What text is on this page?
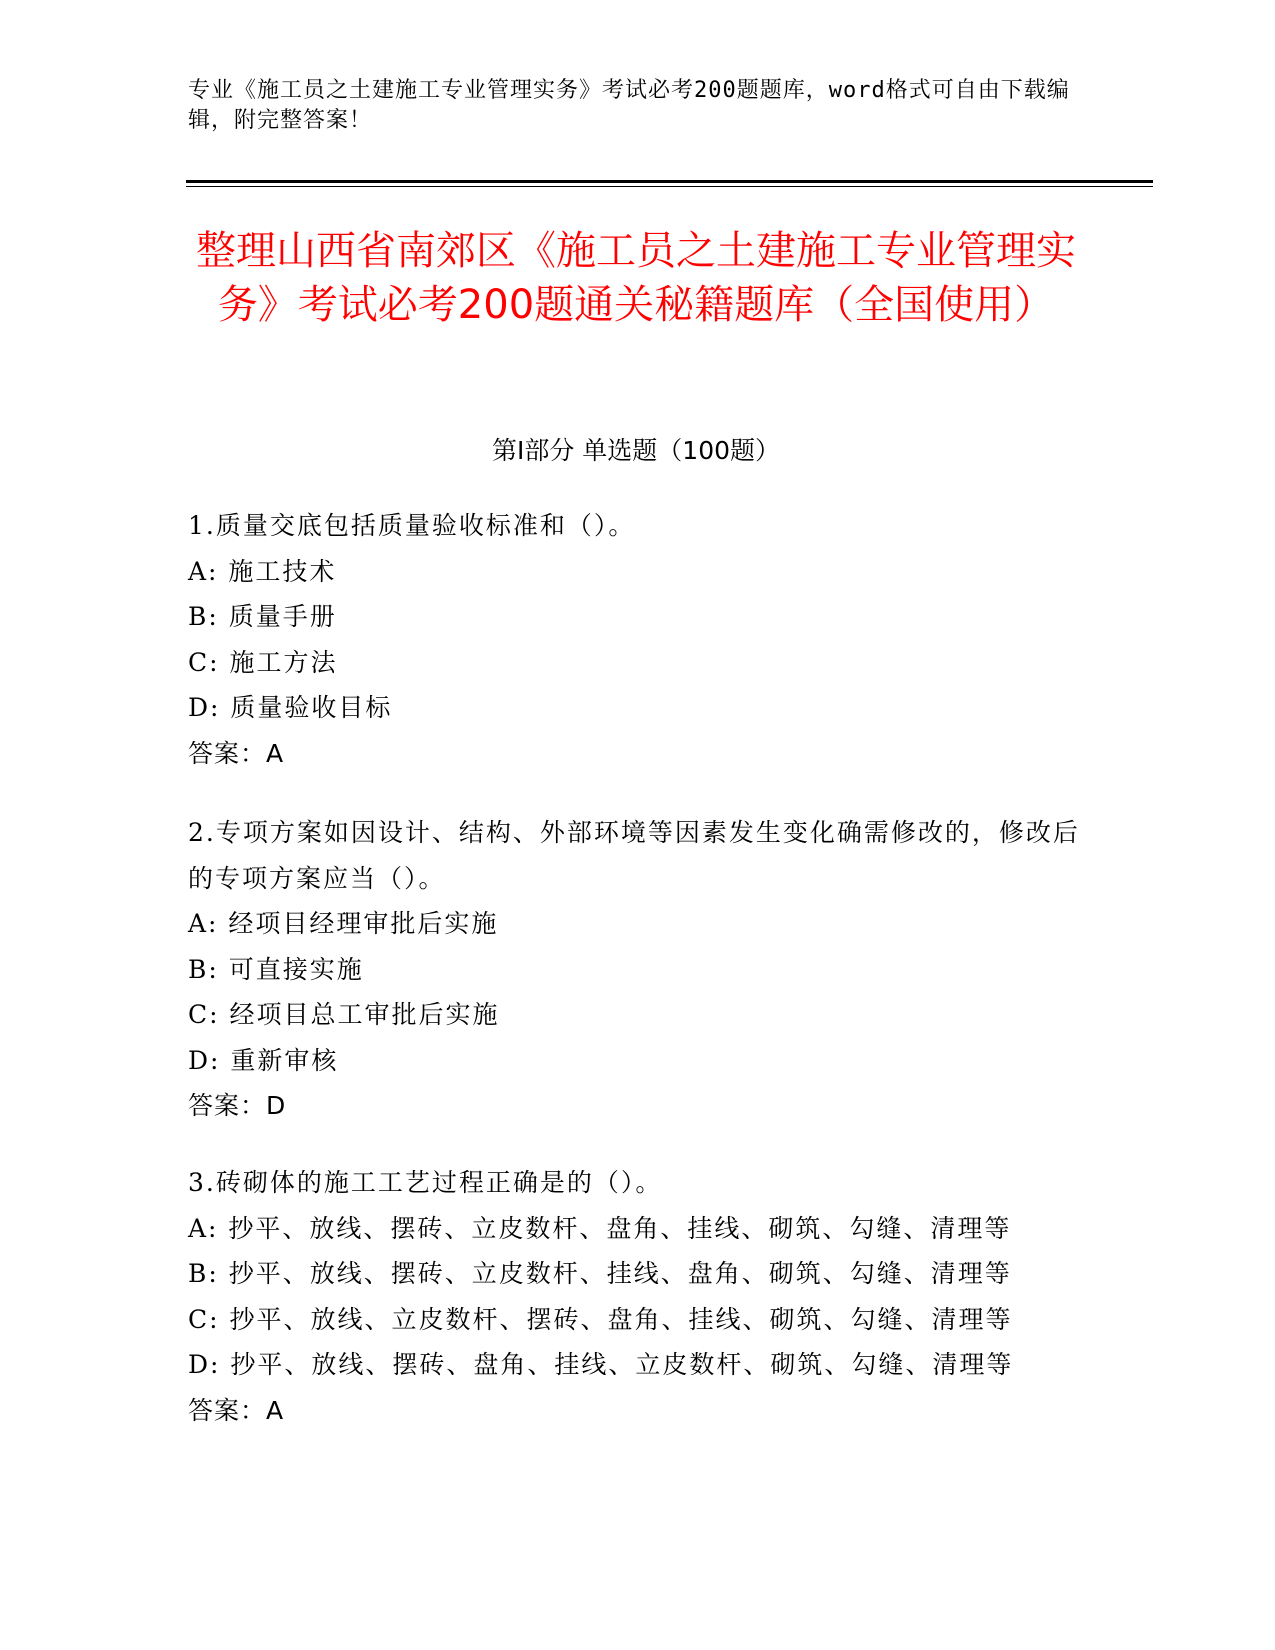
专业《施工员之土建施工专业管理实务》考试必考200题题库，word格式可自由下载编辑，附完整答案！
整理山西省南郊区《施工员之土建施工专业管理实务》考试必考200题通关秘籍题库（全国使用）
第I部分 单选题（100题）
1.质量交底包括质量验收标准和（）。
A: 施工技术
B: 质量手册
C: 施工方法
D: 质量验收目标
答案：A
2.专项方案如因设计、结构、外部环境等因素发生变化确需修改的，修改后的专项方案应当（）。
A: 经项目经理审批后实施
B: 可直接实施
C: 经项目总工审批后实施
D: 重新审核
答案：D
3.砖砌体的施工工艺过程正确是的（）。
A: 抄平、放线、摆砖、立皮数杆、盘角、挂线、砌筑、勾缝、清理等
B: 抄平、放线、摆砖、立皮数杆、挂线、盘角、砌筑、勾缝、清理等
C: 抄平、放线、立皮数杆、摆砖、盘角、挂线、砌筑、勾缝、清理等
D: 抄平、放线、摆砖、盘角、挂线、立皮数杆、砌筑、勾缝、清理等
答案：A
